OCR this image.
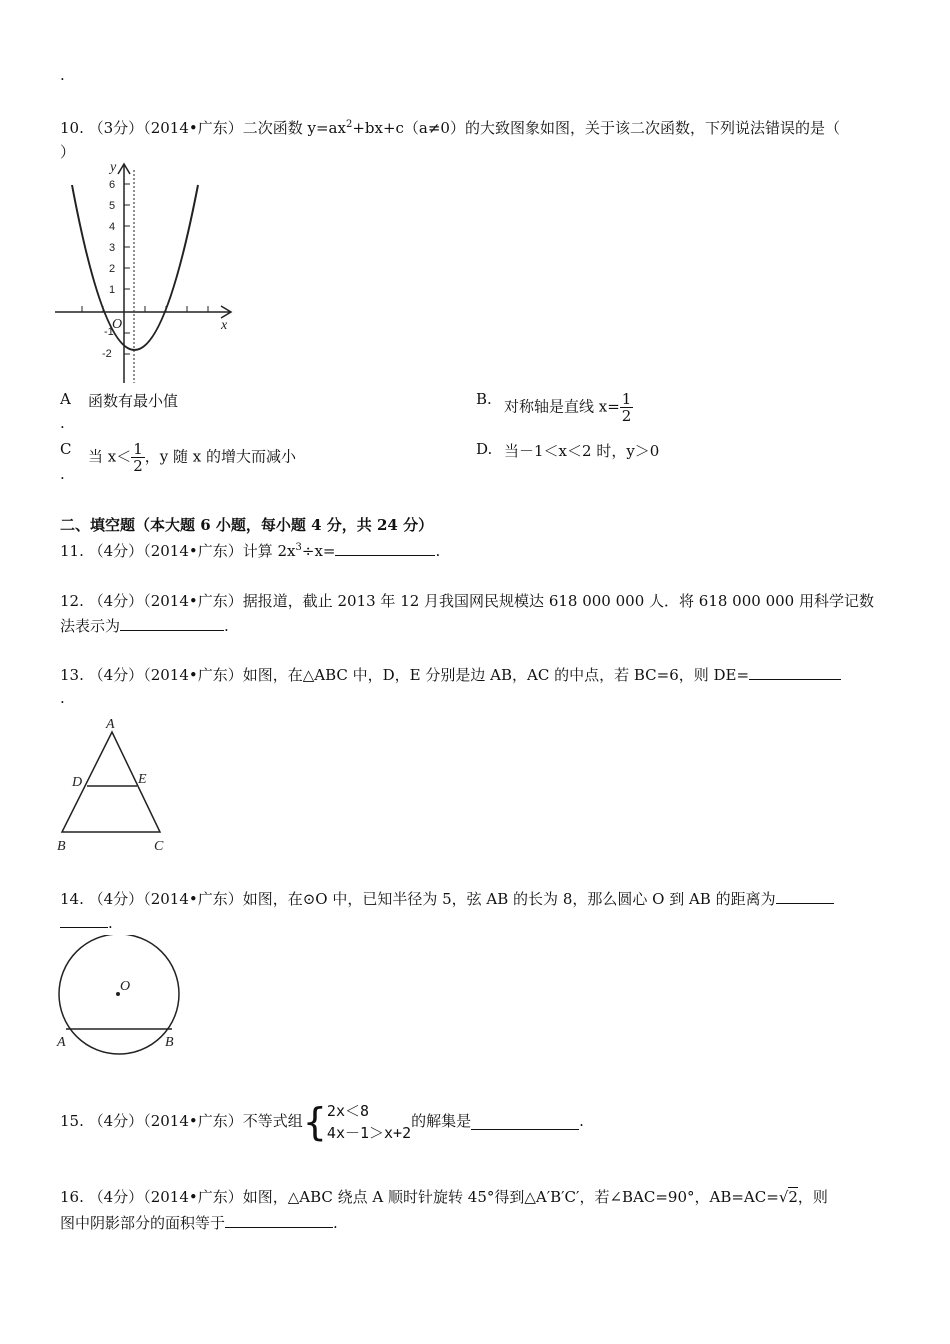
.
10. （3分）（2014•广东）二次函数 $y=ax^2+bx+c(a\ne 0)$的大致图象如图，关于该二次函数，下列说法错误的是（
）
6
5
4
3
2
1
-1
-2
O	x
y
A
.
函数有最小值	B. 对称轴是直线 $x= \frac{1}{2}$
C
.
当 $x< \frac{1}{2}$ ，y 随 x 的增大而减小	D. 当－1＜x＜2 时，y＞0
二、填空题（本大题 6 小题，每小题 4 分，共 24 分）
11. （4分）（2014•广东）计算 $2x^3\div x=$	.
12. （4分）（2014•广东）据报道，截止 2013 年 12 月我国网民规模达 618 000 000 人．将 618 000 000 用科学记数
法表示为	.
13. （4分）（2014•广东）如图，在△ABC 中，D，E 分别是边 AB，AC 的中点，若 BC=6，则 DE=
.
A
D	E
B	C
14. （4分）（2014•广东）如图，在⊙O 中，已知半径为 5，弦 AB 的长为 8，那么圆心 O 到 AB 的距离为
.
O
A	B
15. （4分）（2014•广东）不等式组{ 2x＜8
4x－1＞x+2
的解集是	.
16. （4分）（2014•广东）如图，△ABC 绕点 A 顺时针旋转 45°得到△A′B′C′，若∠BAC=90°，AB=AC=√2，则
图中阴影部分的面积等于	.
